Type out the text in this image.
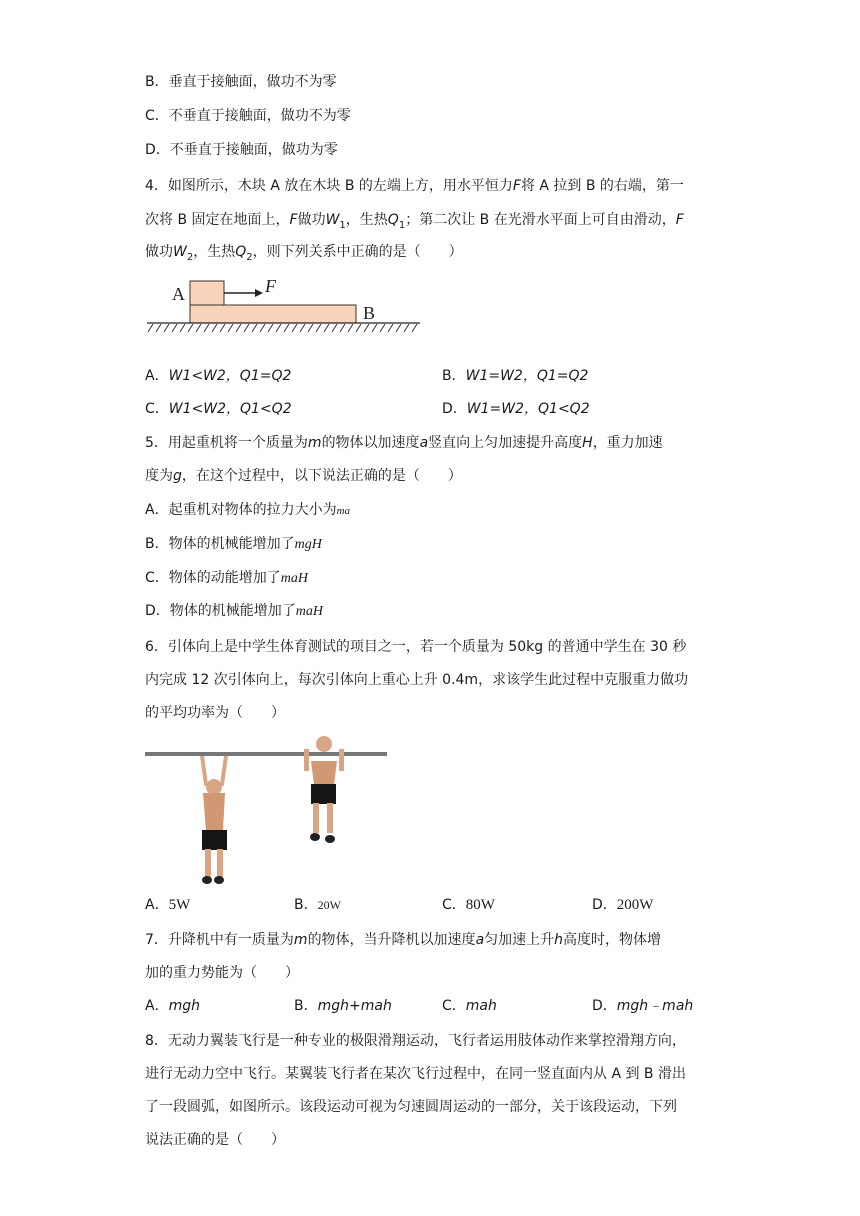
B．垂直于接触面，做功不为零
C．不垂直于接触面，做功不为零
D．不垂直于接触面，做功为零
4．如图所示，木块 A 放在木块 B 的左端上方，用水平恒力F将 A 拉到 B 的右端，第一
次将 B 固定在地面上，F做功$W_1$，生热$Q_1$；第二次让 B 在光滑水平面上可自由滑动，F
做功$W_2$，生热$Q_2$，则下列关系中正确的是（　　）
A
B
F
A．W1<W2，Q1=Q2	B．W1=W2，Q1=Q2
C．W1<W2，Q1<Q2	D．W1=W2，Q1<Q2
5．用起重机将一个质量为m的物体以加速度a竖直向上匀加速提升高度H，重力加速
度为g，在这个过程中，以下说法正确的是（　　）
A．起重机对物体的拉力大小为ma
B．物体的机械能增加了mgH
C．物体的动能增加了maH
D．物体的机械能增加了maH
6．引体向上是中学生体育测试的项目之一，若一个质量为 50kg 的普通中学生在 30 秒
内完成 12 次引体向上，每次引体向上重心上升 0.4m，求该学生此过程中克服重力做功
的平均功率为（　　）
A．5W	B．20W	C．80W	D．200W
7．升降机中有一质量为m的物体，当升降机以加速度a匀加速上升h高度时，物体增
加的重力势能为（　　）
A．mgh	B．mgh+mah	C．mah	D．mgh﹣mah
8．无动力翼装飞行是一种专业的极限滑翔运动，飞行者运用肢体动作来掌控滑翔方向，
进行无动力空中飞行。某翼装飞行者在某次飞行过程中，在同一竖直面内从 A 到 B 滑出
了一段圆弧，如图所示。该段运动可视为匀速圆周运动的一部分，关于该段运动，下列
说法正确的是（　　）
